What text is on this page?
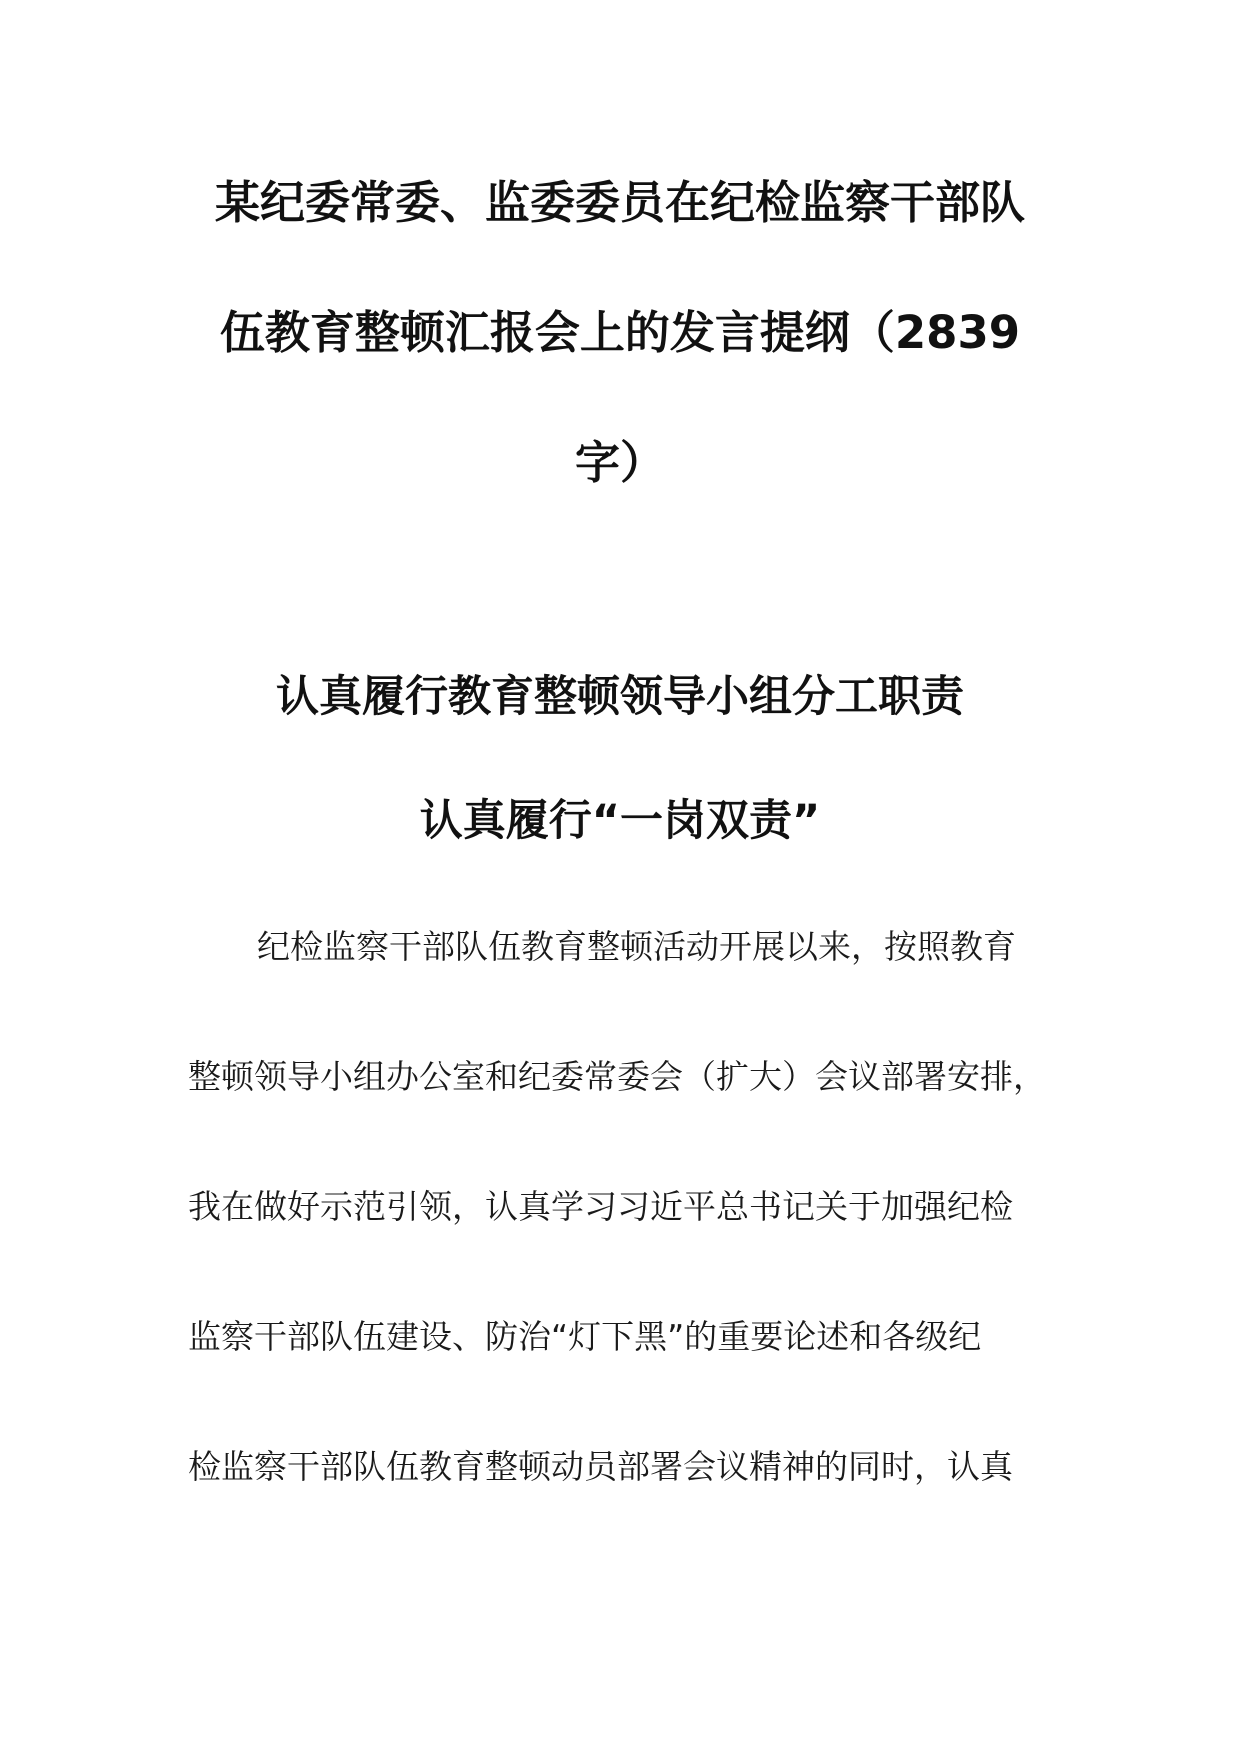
某纪委常委、监委委员在纪检监察干部队
伍教育整顿汇报会上的发言提纲（2839
字）
认真履行教育整顿领导小组分工职责
认真履行“一岗双责”
纪检监察干部队伍教育整顿活动开展以来，按照教育
整顿领导小组办公室和纪委常委会（扩大）会议部署安排，
我在做好示范引领，认真学习习近平总书记关于加强纪检
监察干部队伍建设、防治“灯下黑”的重要论述和各级纪
检监察干部队伍教育整顿动员部署会议精神的同时，认真
